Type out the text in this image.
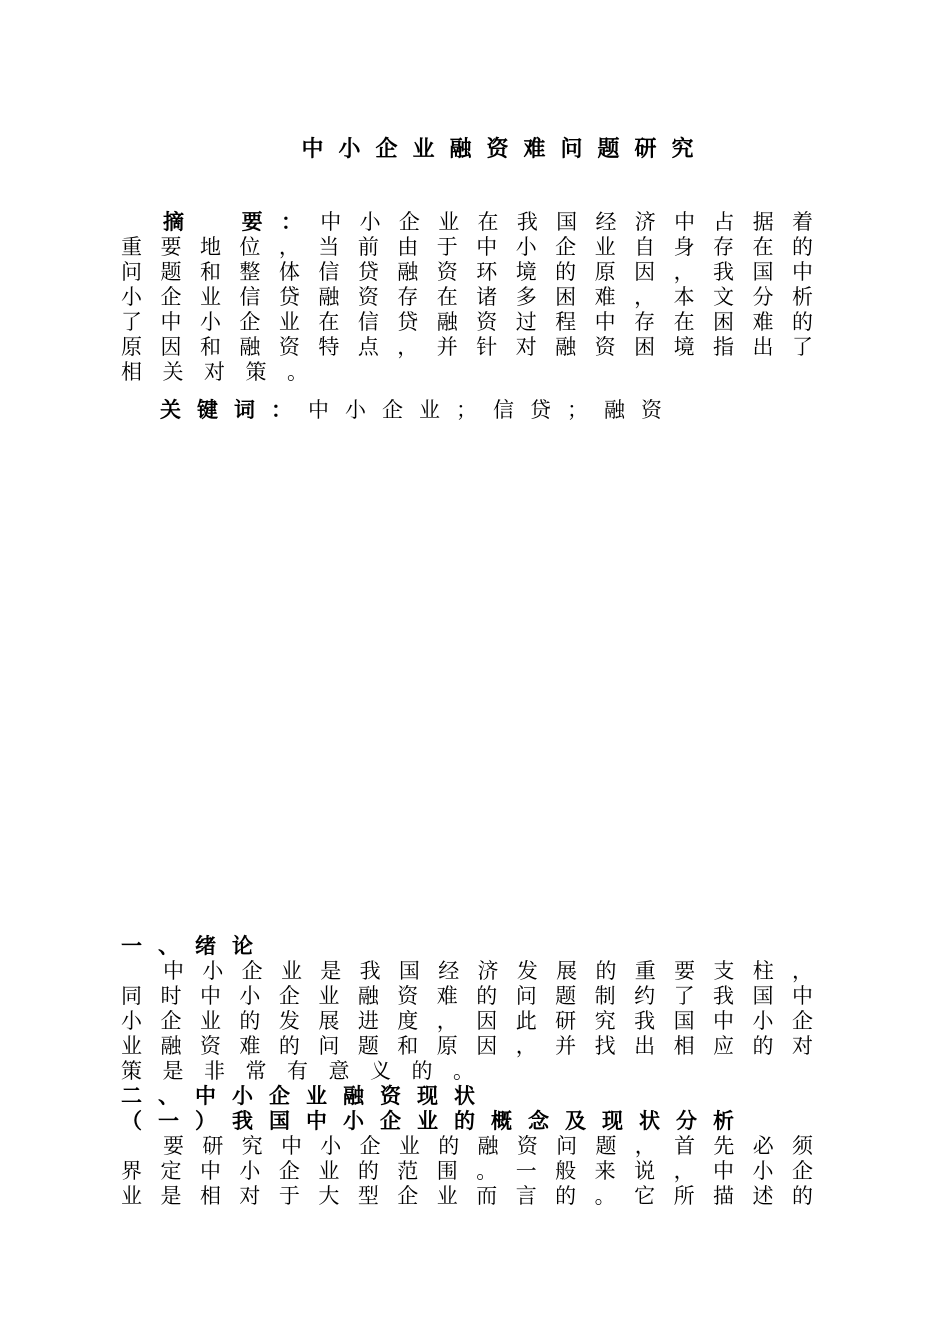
中小企业融资难问题研究
摘
　	要 ： 中 小 企 业 在 我 国 经 济 中 占 据 着
重 要 地 位 ， 当 前 由 于 中 小 企 业 自 身 存 在 的
问 题 和 整 体 信 贷 融 资 环 境 的 原 因 ， 我 国 中
小 企 业 信 贷 融 资 存 在 诸 多 困 难 ， 本 文 分 析
了 中 小 企 业 在 信 贷 融 资 过 程 中 存 在 困 难 的
原 因 和 融 资 特 点 ， 并 针 对 融 资 困 境 指 出 了
相关对策。
关键词：中小企业；信贷；融资
一、绪论
中 小 企 业 是 我 国 经 济 发 展 的 重 要 支 柱 ，
同 时 中 小 企 业 融 资 难 的 问 题 制 约 了 我 国 中
小 企 业 的 发 展 进 度 ， 因 此 研 究 我 国 中 小 企
业 融 资 难 的 问 题 和 原 因 ， 并 找 出 相 应 的 对
策是非常有意义的。
二、中小企业融资现状
（一）我国中小企业的概念及现状分析
要 研 究 中 小 企 业 的 融 资 问 题 ， 首 先 必 须
界 定 中 小 企 业 的 范 围 。 一 般 来 说 ， 中 小 企
业 是 相 对 于 大 型 企 业 而 言 的 。 它 所 描 述 的
